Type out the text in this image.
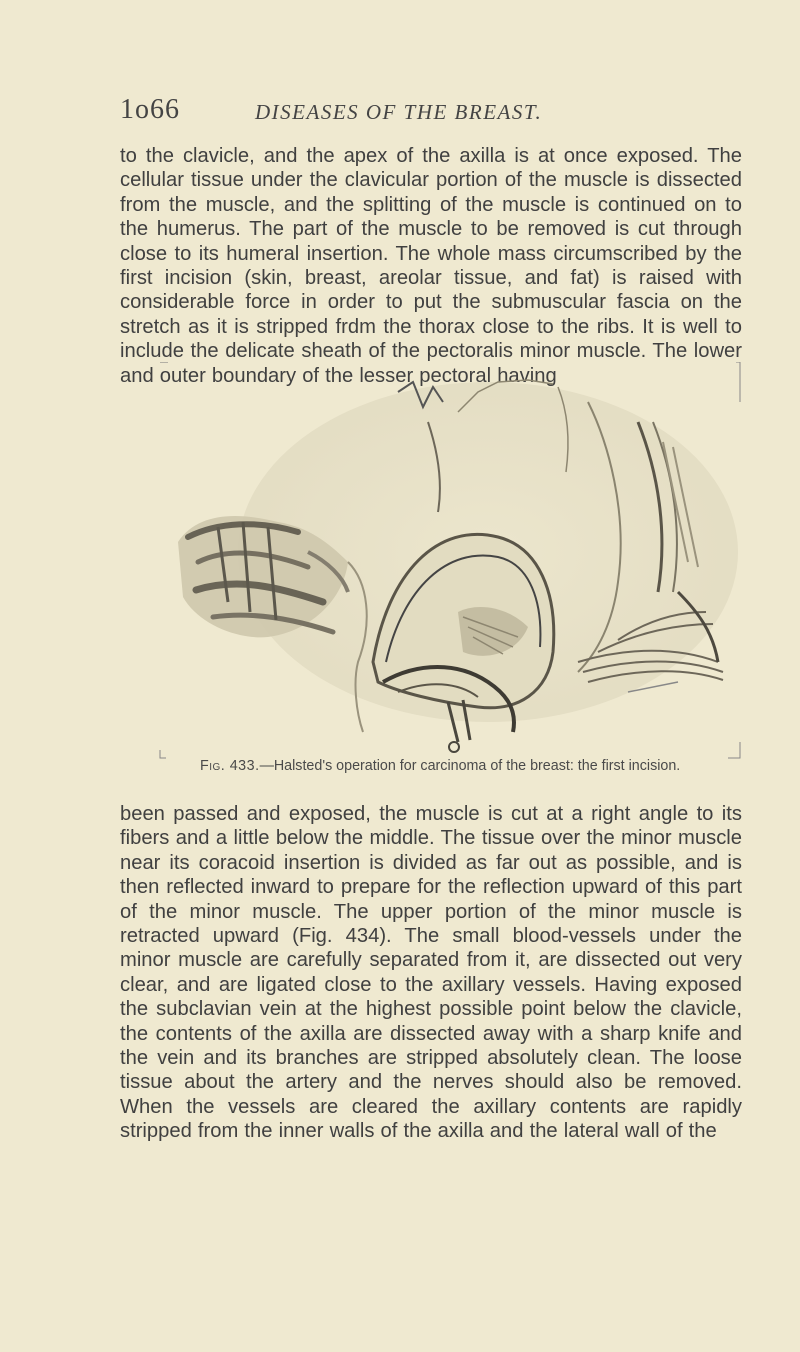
1o66	DISEASES OF THE BREAST.

to the clavicle, and the apex of the axilla is at once exposed. The cellular tissue under the clavicular portion of the muscle is dissected from the muscle, and the splitting of the muscle is continued on to the humerus. The part of the muscle to be removed is cut through close to its humeral insertion. The whole mass circumscribed by the first incision (skin, breast, areolar tissue, and fat) is raised with considerable force in order to put the submuscular fascia on the stretch as it is stripped frdm the thorax close to the ribs. It is well to include the delicate sheath of the pectoralis minor muscle. The lower and outer boundary of the lesser pectoral having

Fig. 433.—Halsted's operation for carcinoma of the breast: the first incision.

been passed and exposed, the muscle is cut at a right angle to its fibers and a little below the middle. The tissue over the minor muscle near its coracoid insertion is divided as far out as possible, and is then reflected inward to prepare for the reflection upward of this part of the minor muscle. The upper portion of the minor muscle is retracted upward (Fig. 434). The small blood-vessels under the minor muscle are carefully separated from it, are dissected out very clear, and are ligated close to the axillary vessels. Having exposed the subclavian vein at the highest possible point below the clavicle, the contents of the axilla are dissected away with a sharp knife and the vein and its branches are stripped absolutely clean. The loose tissue about the artery and the nerves should also be removed. When the vessels are cleared the axillary contents are rapidly stripped from the inner walls of the axilla and the lateral wall of the
